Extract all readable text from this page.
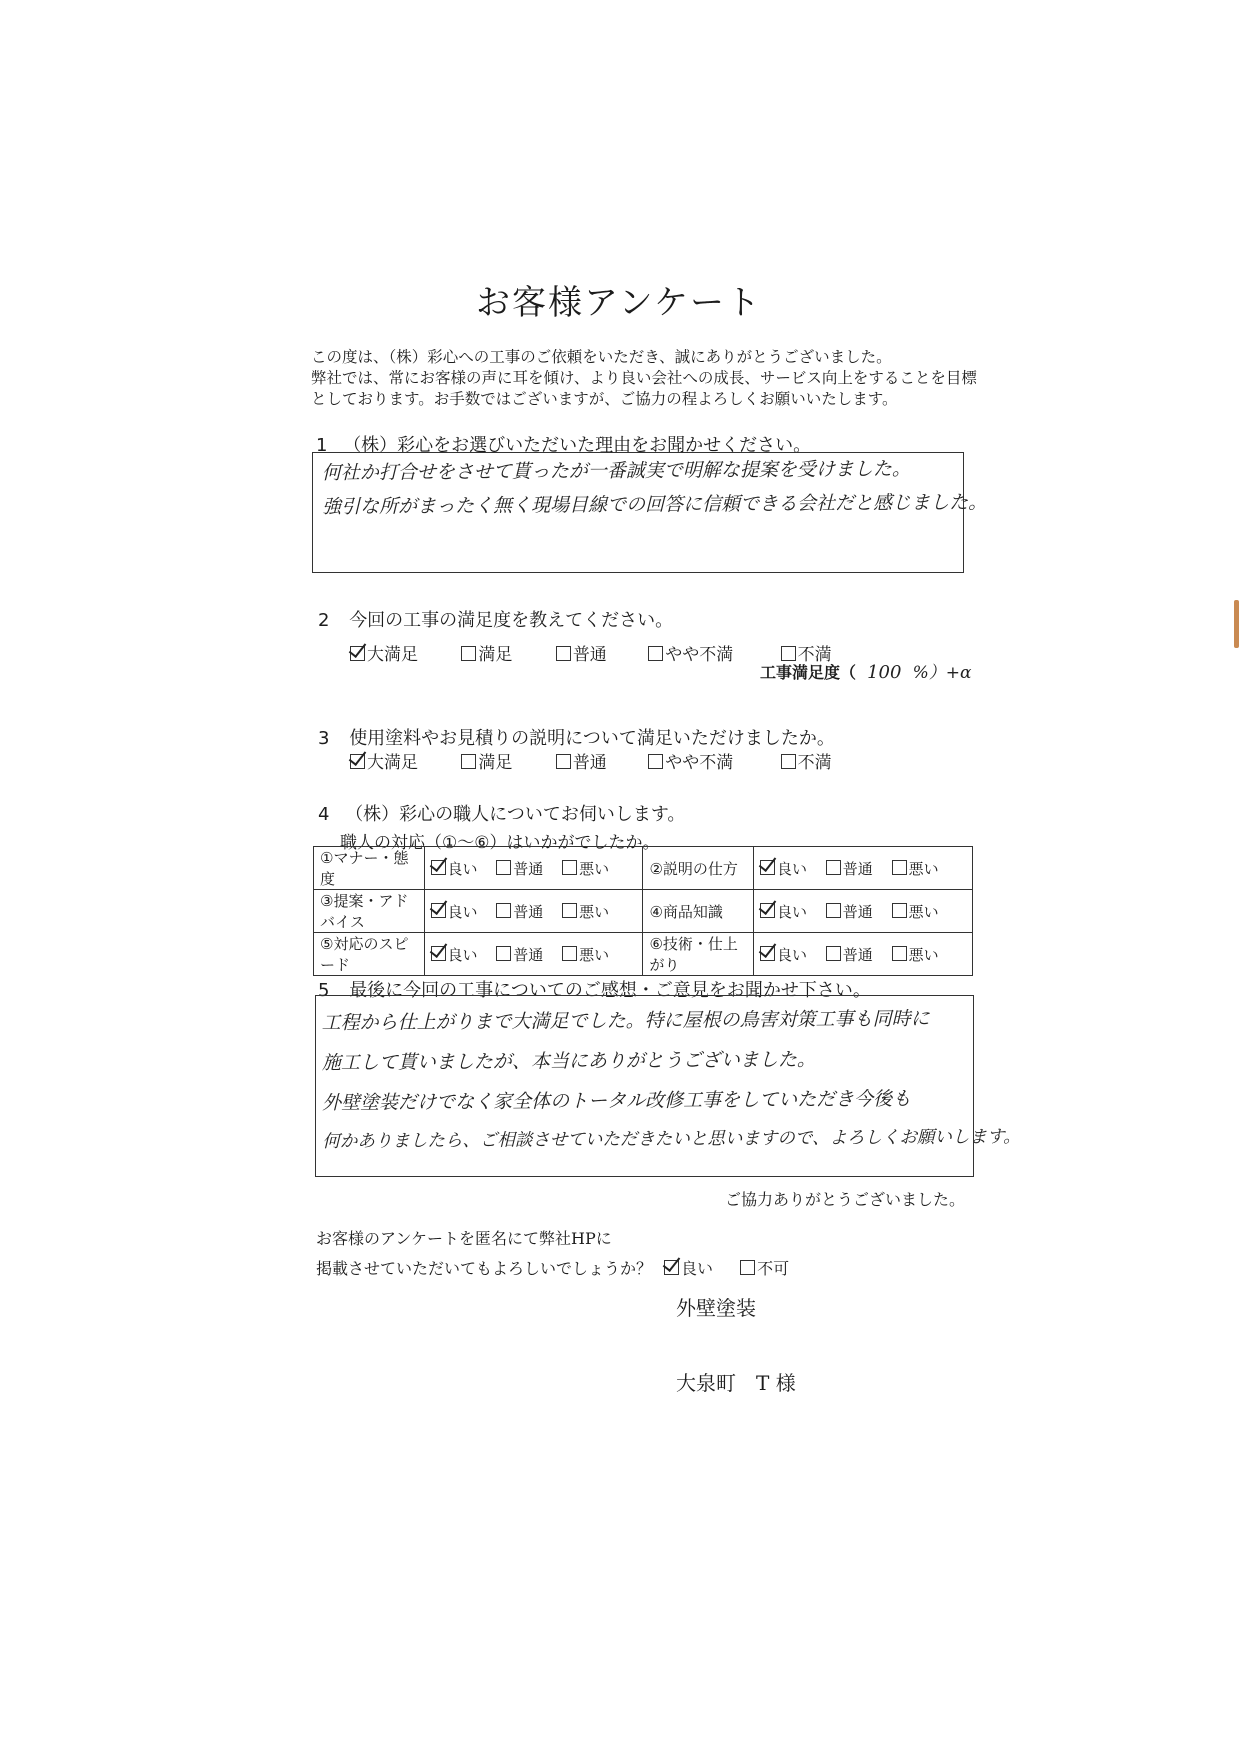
お客様アンケート
この度は、（株）彩心への工事のご依頼をいただき、誠にありがとうございました。
弊社では、常にお客様の声に耳を傾け、より良い会社への成長、サービス向上をすることを目標
としております。お手数ではございますが、ご協力の程よろしくお願いいたします。
1 （株）彩心をお選びいただいた理由をお聞かせください。
何社か打合せをさせて貰ったが一番誠実で明解な提案を受けました。
強引な所がまったく無く現場目線での回答に信頼できる会社だと感じました。
2 今回の工事の満足度を教えてください。
大満足	満足	普通	やや不満	不満
工事満足度（ 100 %）+α
3 使用塗料やお見積りの説明について満足いただけましたか。
大満足	満足	普通	やや不満	不満
4 （株）彩心の職人についてお伺いします。
職人の対応（①～⑥）はいかがでしたか。
①マナー・態度	良い 普通 悪い	②説明の仕方	良い 普通 悪い
③提案・アドバイス	良い 普通 悪い	④商品知識	良い 普通 悪い
⑤対応のスピード	良い 普通 悪い	⑥技術・仕上がり	良い 普通 悪い
5 最後に今回の工事についてのご感想・ご意見をお聞かせ下さい。
工程から仕上がりまで大満足でした。特に屋根の鳥害対策工事も同時に
施工して貰いましたが、本当にありがとうございました。
外壁塗装だけでなく家全体のトータル改修工事をしていただき今後も
何かありましたら、ご相談させていただきたいと思いますので、よろしくお願いします。
ご協力ありがとうございました。
お客様のアンケートを匿名にて弊社HPに
掲載させていただいてもよろしいでしょうか？	良い	不可
外壁塗装
大泉町　T 様
